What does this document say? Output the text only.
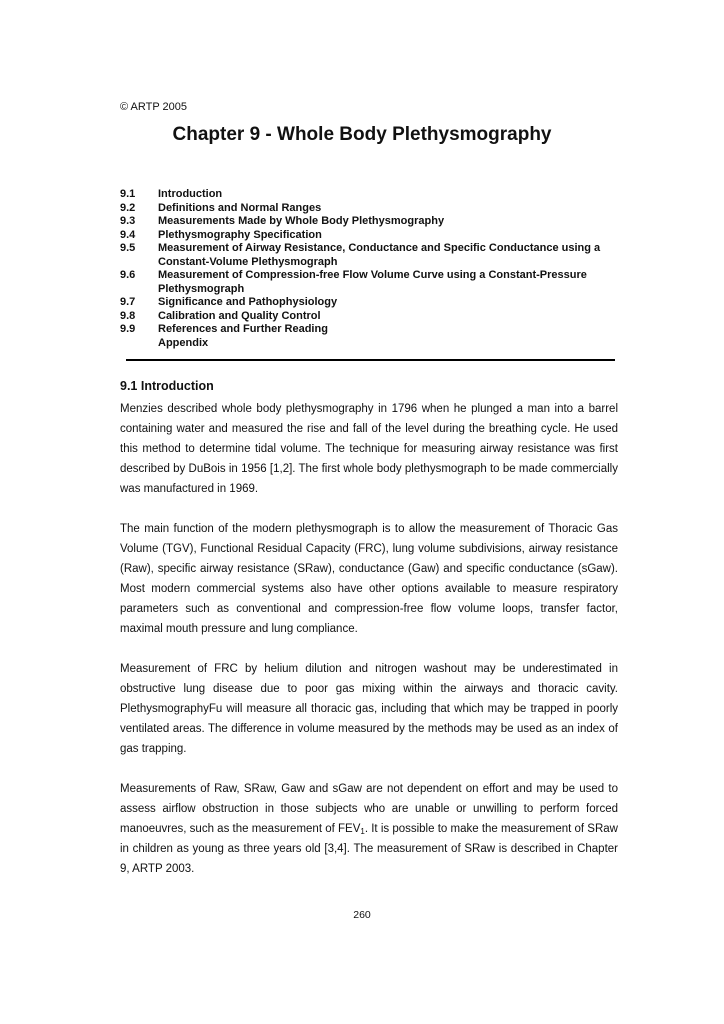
© ARTP 2005
Chapter 9 - Whole Body Plethysmography
9.1	Introduction
9.2	Definitions and Normal Ranges
9.3	Measurements Made by Whole Body Plethysmography
9.4	Plethysmography Specification
9.5	Measurement of Airway Resistance, Conductance and Specific Conductance using a Constant-Volume Plethysmograph
9.6	Measurement of Compression-free Flow Volume Curve using a Constant-Pressure Plethysmograph
9.7	Significance and Pathophysiology
9.8	Calibration and Quality Control
9.9	References and Further Reading
Appendix
9.1 Introduction

Menzies described whole body plethysmography in 1796 when he plunged a man into a barrel containing water and measured the rise and fall of the level during the breathing cycle. He used this method to determine tidal volume. The technique for measuring airway resistance was first described by DuBois in 1956 [1,2]. The first whole body plethysmograph to be made commercially was manufactured in 1969.

The main function of the modern plethysmograph is to allow the measurement of Thoracic Gas Volume (TGV), Functional Residual Capacity (FRC), lung volume subdivisions, airway resistance (Raw), specific airway resistance (SRaw), conductance (Gaw) and specific conductance (sGaw). Most modern commercial systems also have other options available to measure respiratory parameters such as conventional and compression-free flow volume loops, transfer factor, maximal mouth pressure and lung compliance.

Measurement of FRC by helium dilution and nitrogen washout may be underestimated in obstructive lung disease due to poor gas mixing within the airways and thoracic cavity. PlethysmographyFu will measure all thoracic gas, including that which may be trapped in poorly ventilated areas. The difference in volume measured by the methods may be used as an index of gas trapping.

Measurements of Raw, SRaw, Gaw and sGaw are not dependent on effort and may be used to assess airflow obstruction in those subjects who are unable or unwilling to perform forced manoeuvres, such as the measurement of $FEV_1$. It is possible to make the measurement of SRaw in children as young as three years old [3,4]. The measurement of SRaw is described in Chapter 9, ARTP 2003.

260
